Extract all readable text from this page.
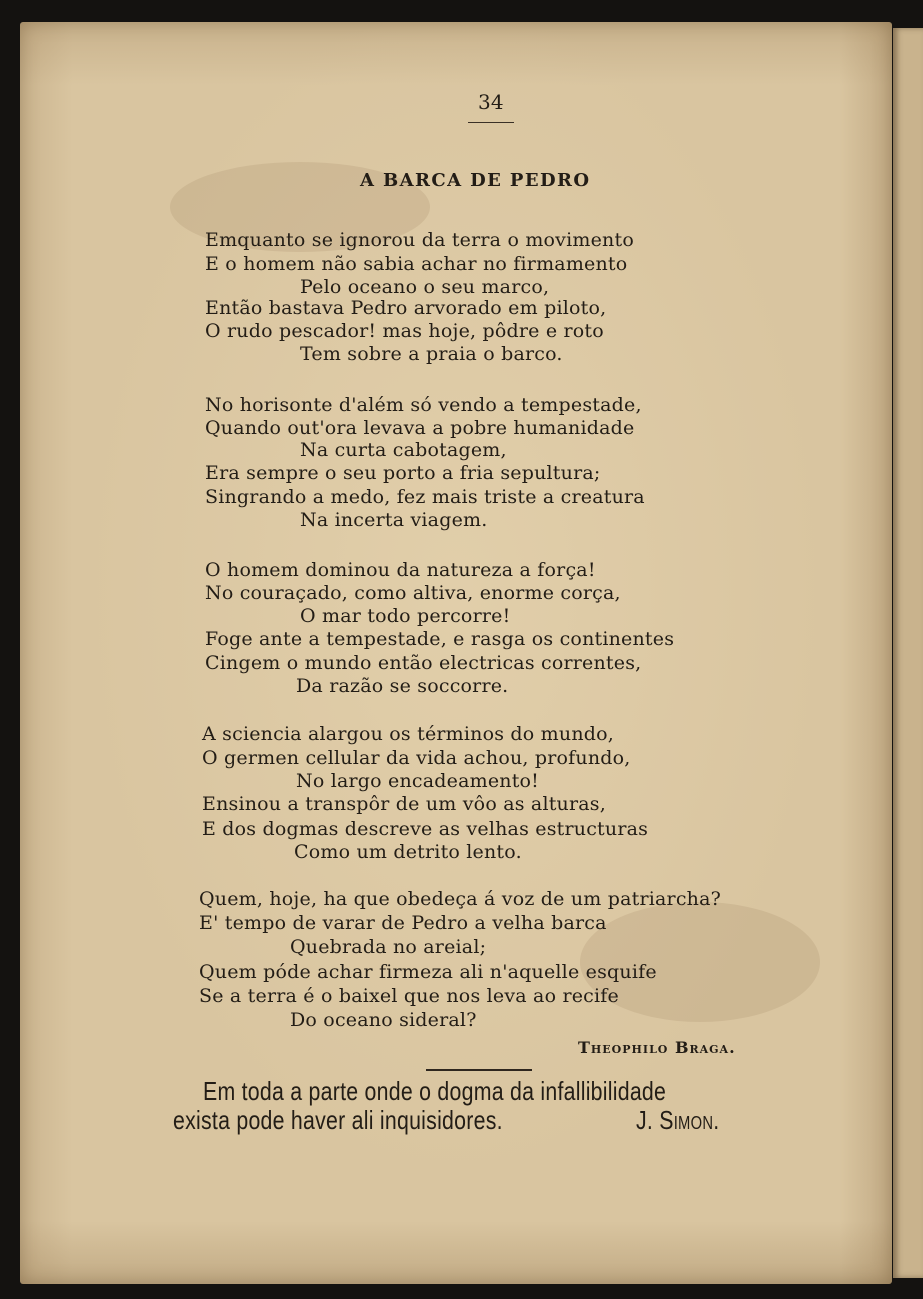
34
A BARCA DE PEDRO
Emquanto se ignorou da terra o movimento
E o homem não sabia achar no firmamento
Pelo oceano o seu marco,
Então bastava Pedro arvorado em piloto,
O rudo pescador! mas hoje, pôdre e roto
Tem sobre a praia o barco.
No horisonte d'além só vendo a tempestade,
Quando out'ora levava a pobre humanidade
Na curta cabotagem,
Era sempre o seu porto a fria sepultura;
Singrando a medo, fez mais triste a creatura
Na incerta viagem.
O homem dominou da natureza a força!
No couraçado, como altiva, enorme corça,
O mar todo percorre!
Foge ante a tempestade, e rasga os continentes
Cingem o mundo então electricas correntes,
Da razão se soccorre.
A sciencia alargou os términos do mundo,
O germen cellular da vida achou, profundo,
No largo encadeamento!
Ensinou a transpôr de um vôo as alturas,
E dos dogmas descreve as velhas estructuras
Como um detrito lento.
Quem, hoje, ha que obedeça á voz de um patriarcha?
E' tempo de varar de Pedro a velha barca
Quebrada no areial;
Quem póde achar firmeza ali n'aquelle esquife
Se a terra é o baixel que nos leva ao recife
Do oceano sideral?
Theophilo Braga.
Em toda a parte onde o dogma da infallibilidade
exista pode haver ali inquisidores.	J. Simon.
